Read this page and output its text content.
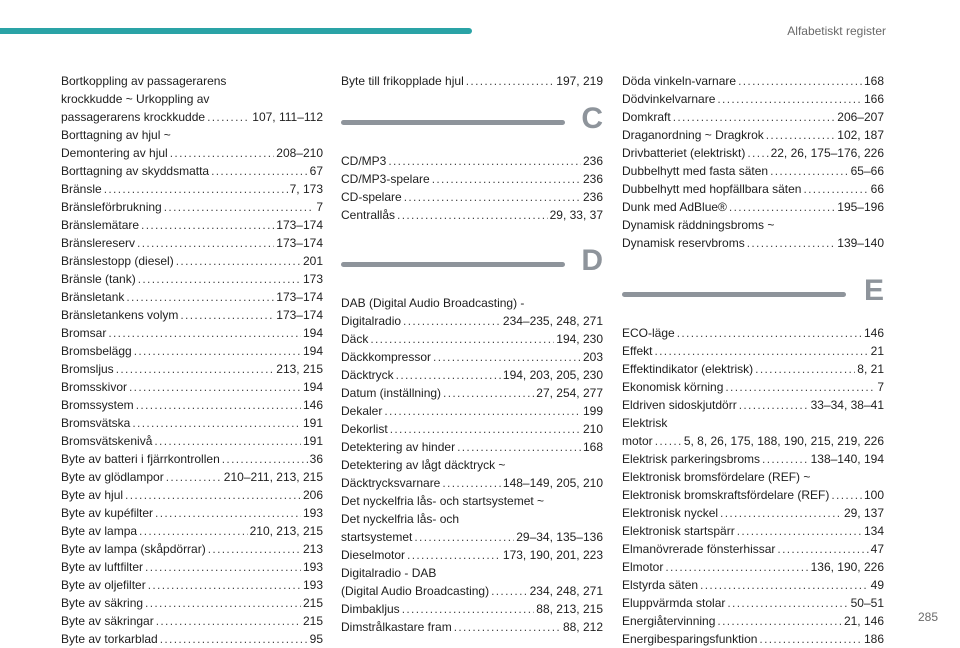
Alfabetiskt register
Bortkoppling av passagerarens
krockkudde ~ Urkoppling av
passagerarens krockkudde . . .	107, 111–112
Borttagning av hjul ~
Demontering av hjul . . .	208–210
Borttagning av skyddsmatta . . .	67
Bränsle . . .	7, 173
Bränsleförbrukning . . .	7
Bränslemätare . . .	173–174
Bränslereserv . . .	173–174
Bränslestopp (diesel) . . .	201
Bränsle (tank) . . .	173
Bränsletank . . .	173–174
Bränsletankens volym . . .	173–174
Bromsar . . .	194
Bromsbelägg . . .	194
Bromsljus . . .	213, 215
Bromsskivor . . .	194
Bromssystem . . .	146
Bromsvätska . . .	191
Bromsvätskenivå . . .	191
Byte av batteri i fjärrkontrollen . . .	36
Byte av glödlampor . . .	210–211, 213, 215
Byte av hjul . . .	206
Byte av kupéfilter . . .	193
Byte av lampa . . .	210, 213, 215
Byte av lampa (skåpdörrar) . . .	213
Byte av luftfilter . . .	193
Byte av oljefilter . . .	193
Byte av säkring . . .	215
Byte av säkringar . . .	215
Byte av torkarblad . . .	95
Byte till frikopplade hjul . . .	197, 219
C
CD/MP3 . . .	236
CD/MP3-spelare . . .	236
CD-spelare . . .	236
Centrallås . . .	29, 33, 37
D
DAB (Digital Audio Broadcasting) -
Digitalradio . . .	234–235, 248, 271
Däck . . .	194, 230
Däckkompressor . . .	203
Däcktryck . . .	194, 203, 205, 230
Datum (inställning) . . .	27, 254, 277
Dekaler . . .	199
Dekorlist . . .	210
Detektering av hinder . . .	168
Detektering av lågt däcktryck ~
Däcktrycksvarnare . . .	148–149, 205, 210
Det nyckelfria lås- och startsystemet ~
Det nyckelfria lås- och
startsystemet . . .	29–34, 135–136
Dieselmotor . . .	173, 190, 201, 223
Digitalradio - DAB
(Digital Audio Broadcasting) . . .	234, 248, 271
Dimbakljus . . .	88, 213, 215
Dimstrålkastare fram . . .	88, 212
Döda vinkeln-varnare . . .	168
Dödvinkelvarnare . . .	166
Domkraft . . .	206–207
Draganordning ~ Dragkrok . . .	102, 187
Drivbatteriet (elektriskt) . . . 22, 26, 175–176, 226
Dubbelhytt med fasta säten . . .	65–66
Dubbelhytt med hopfällbara säten . . .	66
Dunk med AdBlue® . . .	195–196
Dynamisk räddningsbroms ~
Dynamisk reservbroms . . .	139–140
E
ECO-läge . . .	146
Effekt . . .	21
Effektindikator (elektrisk) . . .	8, 21
Ekonomisk körning . . .	7
Eldriven sidoskjutdörr . . .	33–34, 38–41
Elektrisk
motor . . .	5, 8, 26, 175, 188, 190, 215, 219, 226
Elektrisk parkeringsbroms . . .	138–140, 194
Elektronisk bromsfördelare (REF) ~
Elektronisk bromskraftsfördelare (REF) . . .	100
Elektronisk nyckel . . .	29, 137
Elektronisk startspärr . . .	134
Elmanövrerade fönsterhissar . . .	47
Elmotor . . .	136, 190, 226
Elstyrda säten . . .	49
Eluppvärmda stolar . . .	50–51
Energiåtervinning . . .	21, 146
Energibesparingsfunktion . . .	186
285
